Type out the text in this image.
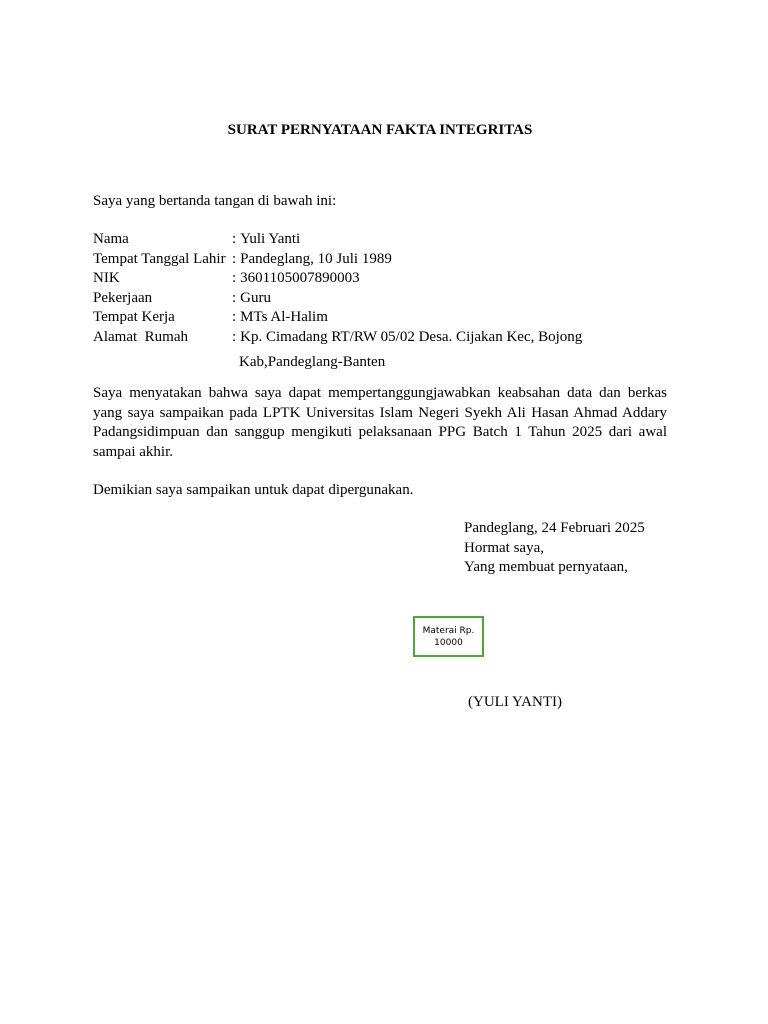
SURAT PERNYATAAN FAKTA INTEGRITAS
Saya yang bertanda tangan di bawah ini:
Nama	: Yuli Yanti
Tempat Tanggal Lahir : Pandeglang, 10 Juli 1989
NIK	: 3601105007890003
Pekerjaan	: Guru
Tempat Kerja	: MTs Al-Halim
Alamat  Rumah	: Kp. Cimadang RT/RW 05/02 Desa. Cijakan Kec, Bojong
Kab,Pandeglang-Banten

Saya menyatakan bahwa saya dapat mempertanggungjawabkan keabsahan data dan berkas yang saya sampaikan pada LPTK Universitas Islam Negeri Syekh Ali Hasan Ahmad Addary Padangsidimpuan dan sanggup mengikuti pelaksanaan PPG Batch 1 Tahun 2025 dari awal sampai akhir.

Demikian saya sampaikan untuk dapat dipergunakan.
Pandeglang, 24 Februari 2025
Hormat saya,
Yang membuat pernyataan,
Materai Rp.
10000
(YULI YANTI)
